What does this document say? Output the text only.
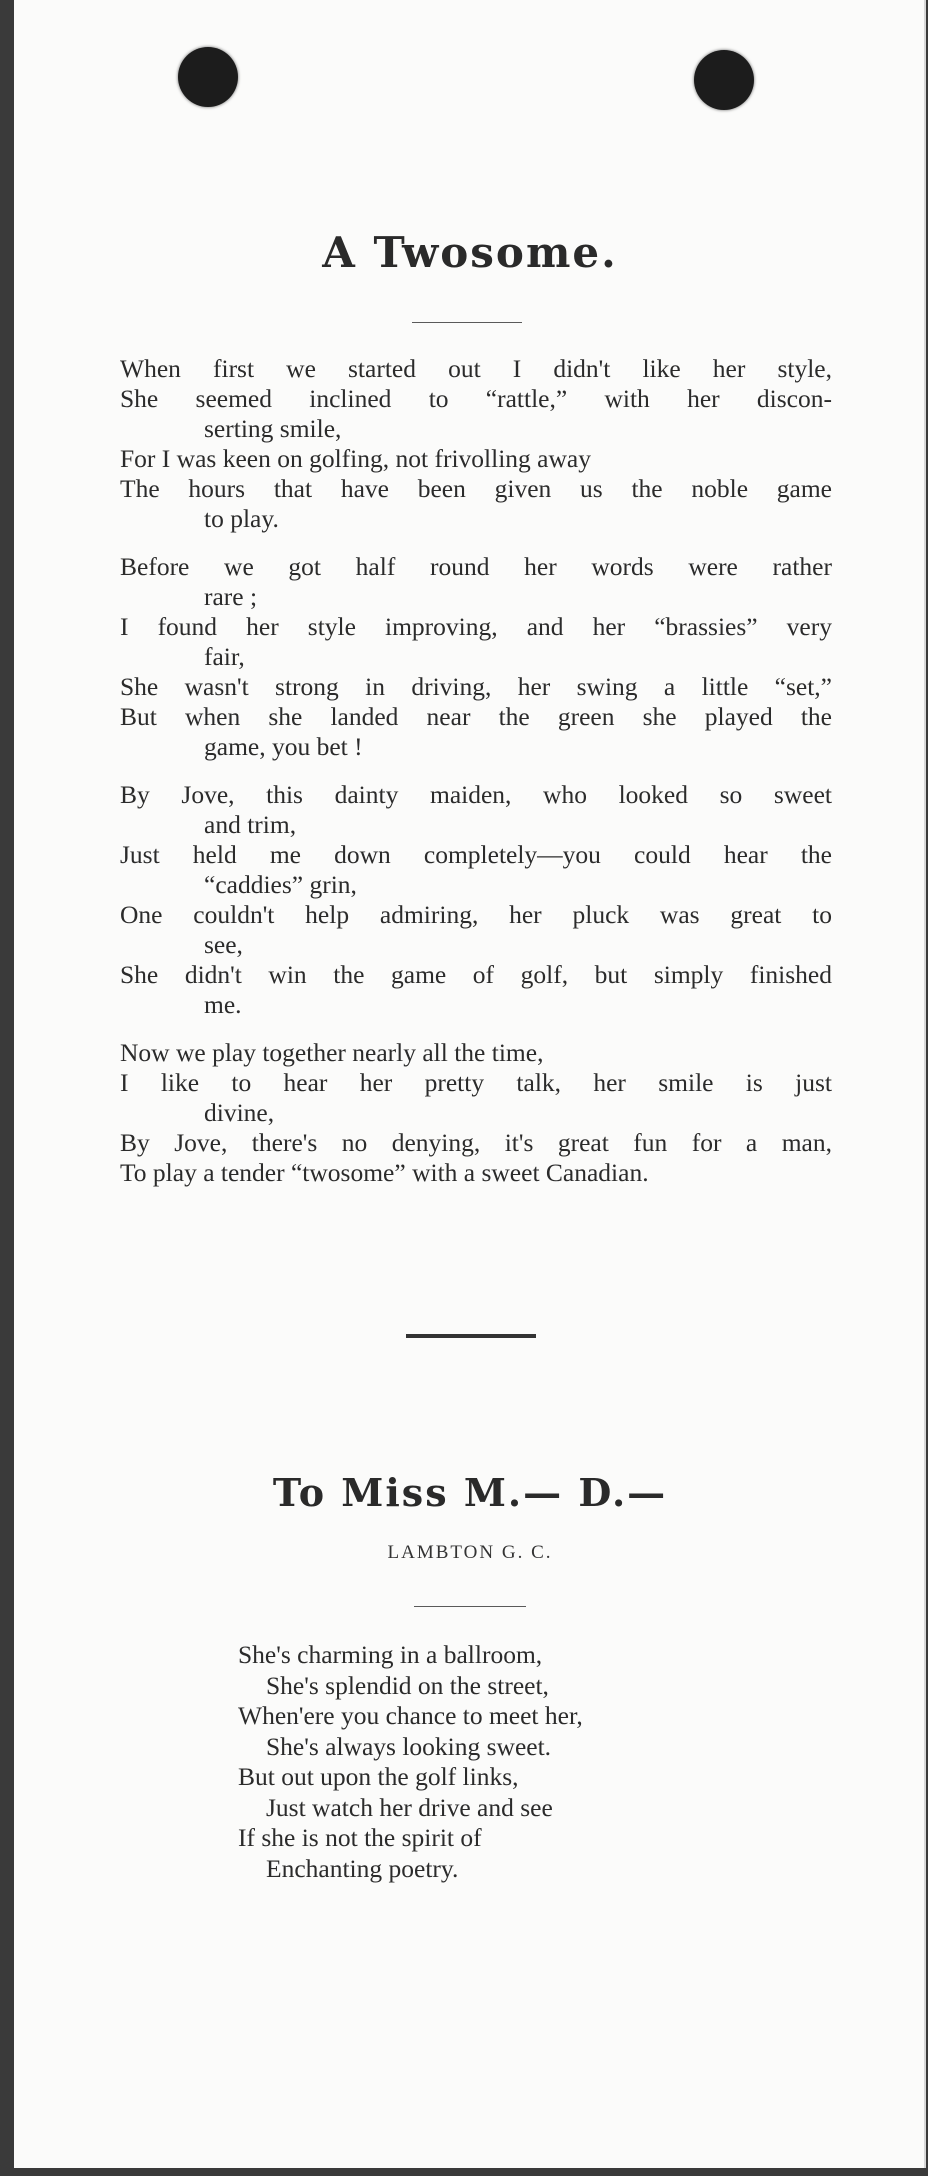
A Twosome.
When first we started out I didn't like her style,
She seemed inclined to “rattle,” with her discon-
serting smile,
For I was keen on golfing, not frivolling away
The hours that have been given us the noble game
to play.
Before we got half round her words were rather
rare ;
I found her style improving, and her “brassies” very
fair,
She wasn't strong in driving, her swing a little “set,”
But when she landed near the green she played the
game, you bet !
By Jove, this dainty maiden, who looked so sweet
and trim,
Just held me down completely—you could hear the
“caddies” grin,
One couldn't help admiring, her pluck was great to
see,
She didn't win the game of golf, but simply finished
me.
Now we play together nearly all the time,
I like to hear her pretty talk, her smile is just
divine,
By Jove, there's no denying, it's great fun for a man,
To play a tender “twosome” with a sweet Canadian.
To Miss M.— D.—
LAMBTON G. C.
She's charming in a ballroom,
She's splendid on the street,
When'ere you chance to meet her,
She's always looking sweet.
But out upon the golf links,
Just watch her drive and see
If she is not the spirit of
Enchanting poetry.
